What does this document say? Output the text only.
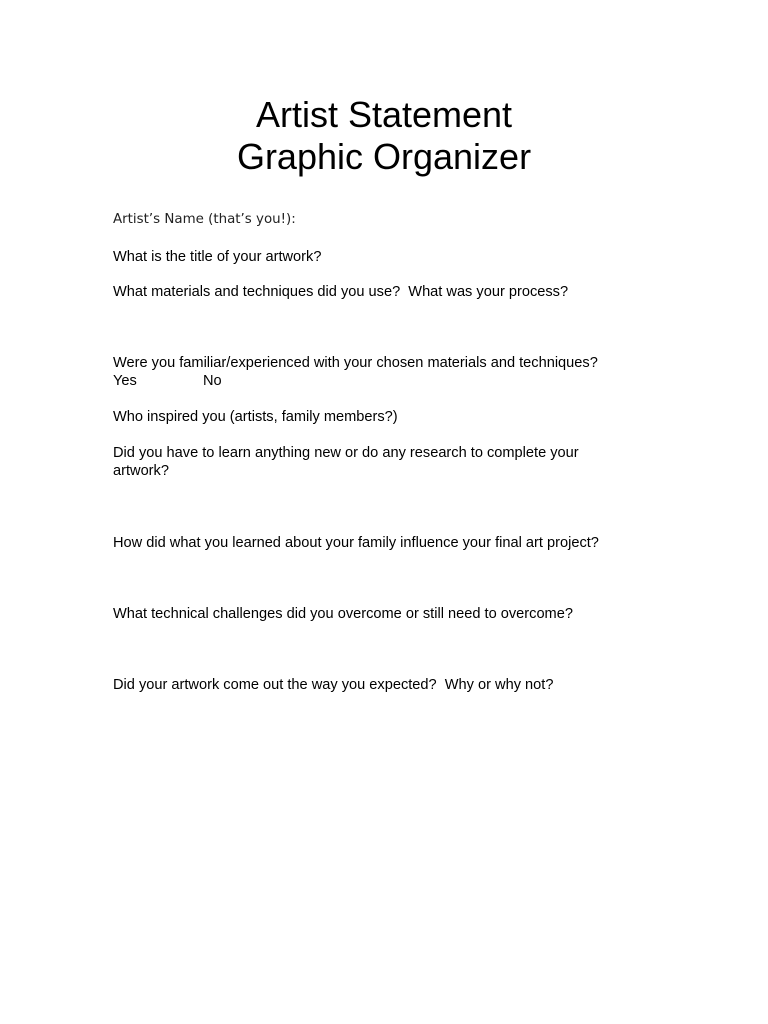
Artist Statement
Graphic Organizer

Artist’s Name (that’s you!):

What is the title of your artwork?

What materials and techniques did you use?  What was your process?

Were you familiar/experienced with your chosen materials and techniques?

Yes	No

Who inspired you (artists, family members?)

Did you have to learn anything new or do any research to complete your artwork?

How did what you learned about your family influence your final art project?

What technical challenges did you overcome or still need to overcome?

Did your artwork come out the way you expected?  Why or why not?
